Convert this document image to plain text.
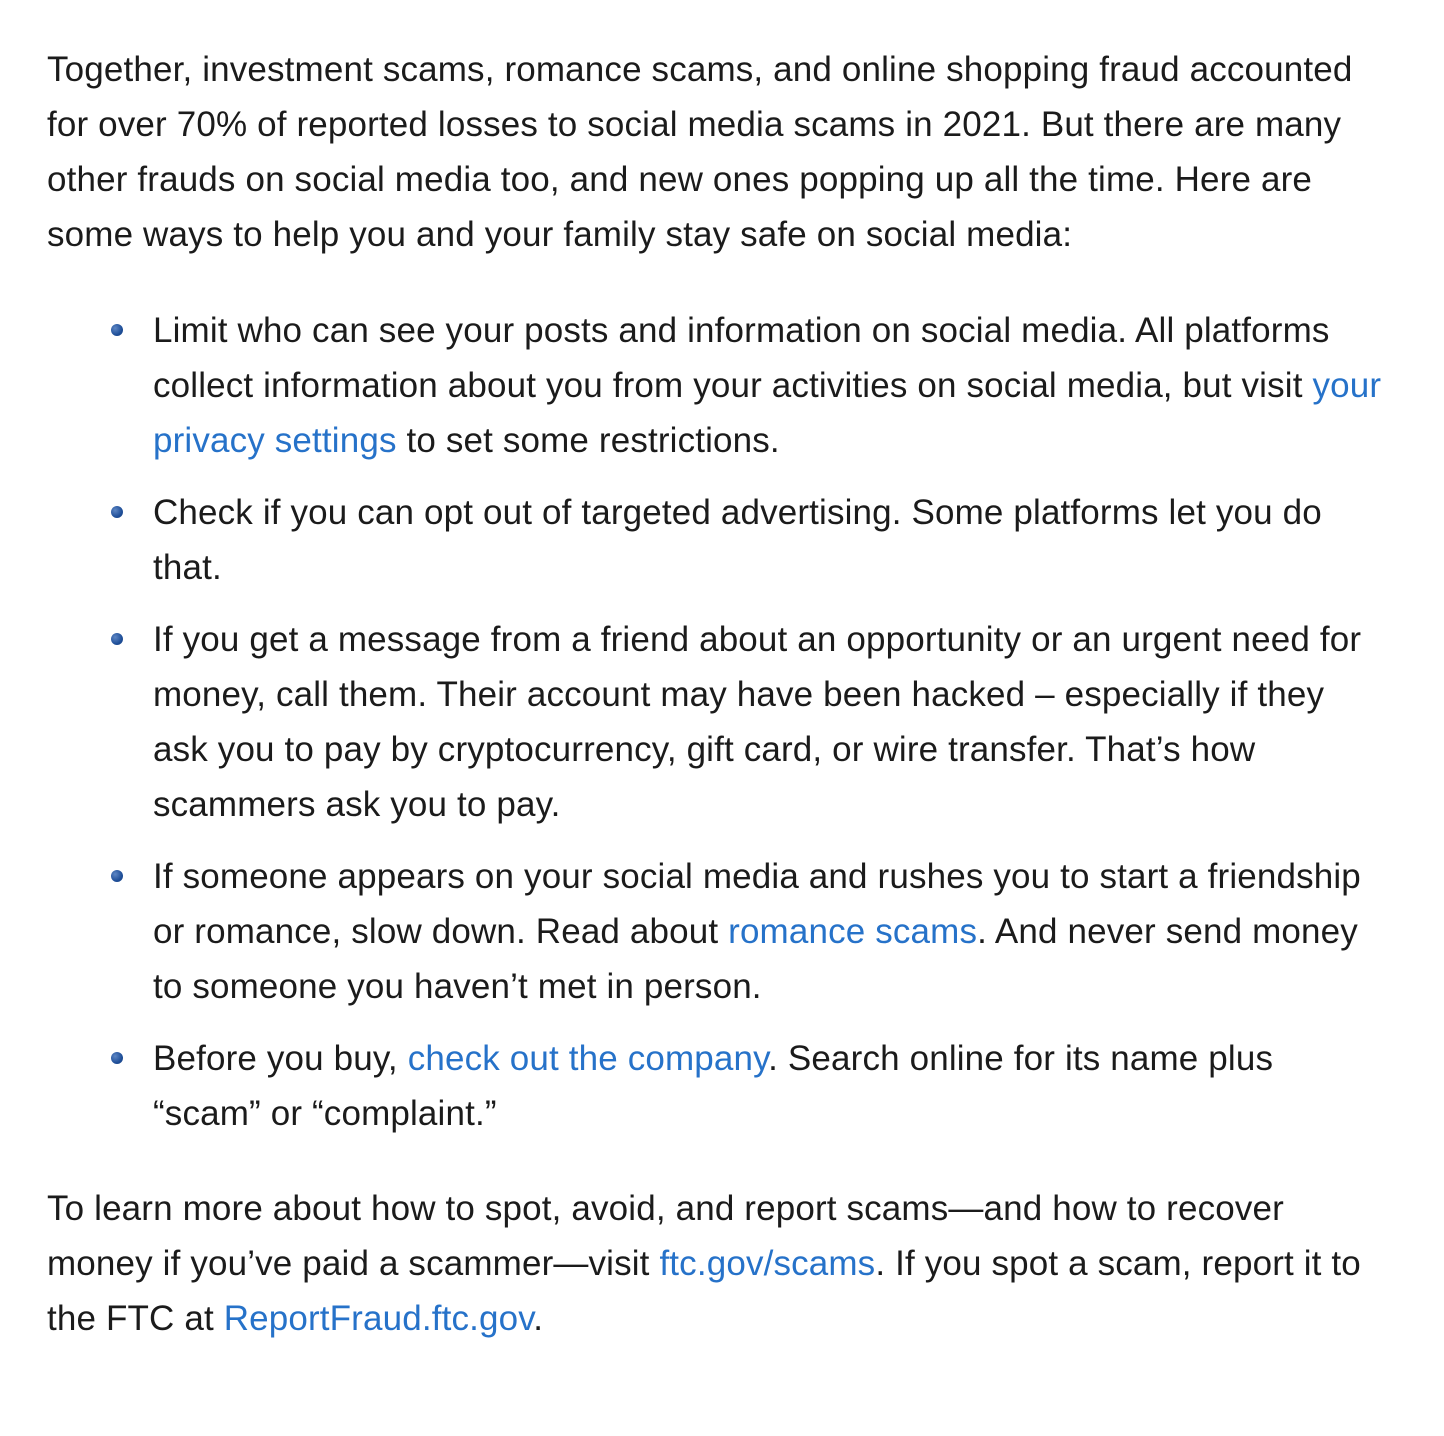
Together, investment scams, romance scams, and online shopping fraud accounted for over 70% of reported losses to social media scams in 2021. But there are many other frauds on social media too, and new ones popping up all the time. Here are some ways to help you and your family stay safe on social media:

Limit who can see your posts and information on social media. All platforms collect information about you from your activities on social media, but visit your privacy settings to set some restrictions.
Check if you can opt out of targeted advertising. Some platforms let you do that.
If you get a message from a friend about an opportunity or an urgent need for money, call them. Their account may have been hacked – especially if they ask you to pay by cryptocurrency, gift card, or wire transfer. That’s how scammers ask you to pay.
If someone appears on your social media and rushes you to start a friendship or romance, slow down. Read about romance scams. And never send money to someone you haven’t met in person.
Before you buy, check out the company. Search online for its name plus “scam” or “complaint.”

To learn more about how to spot, avoid, and report scams—and how to recover money if you’ve paid a scammer—visit ftc.gov/scams. If you spot a scam, report it to the FTC at ReportFraud.ftc.gov.
